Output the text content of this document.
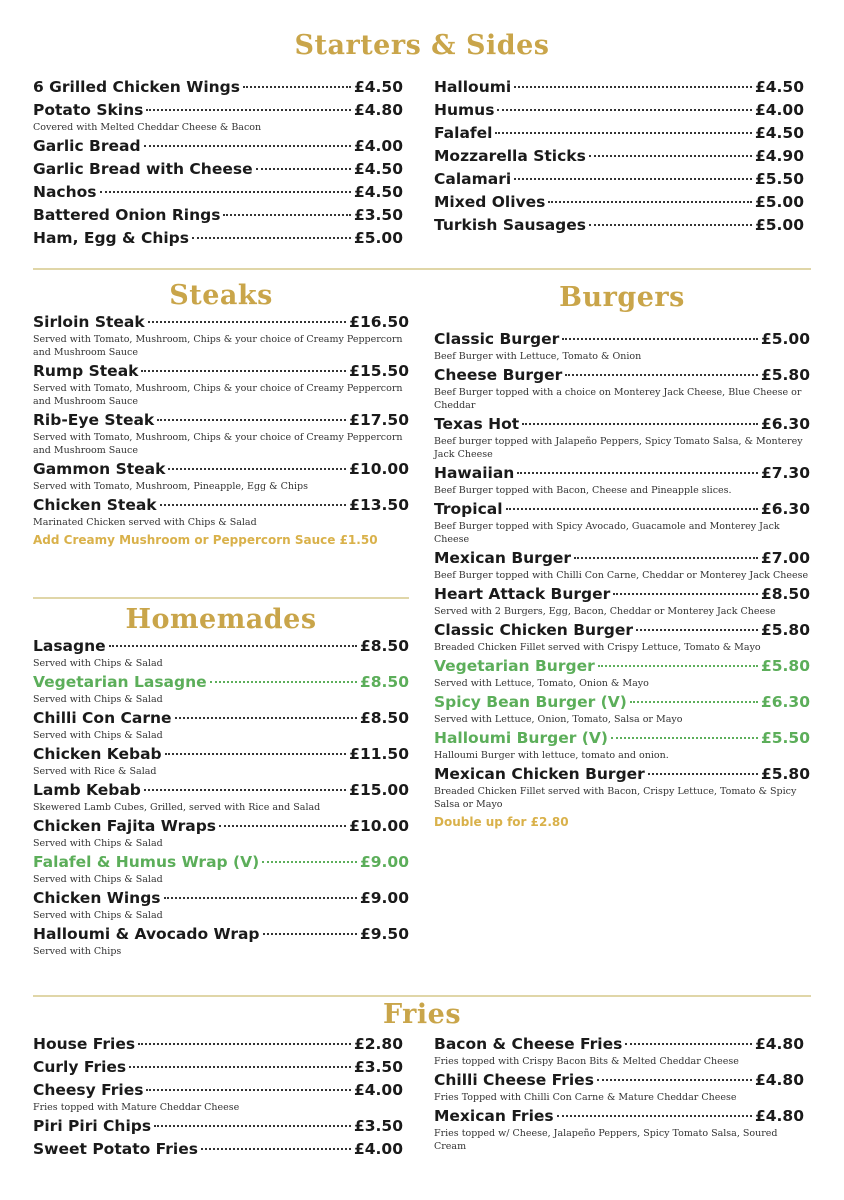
Starters & Sides
6 Grilled Chicken Wings	£4.50
Potato Skins	£4.80
Covered with Melted Cheddar Cheese & Bacon
Garlic Bread	£4.00
Garlic Bread with Cheese	£4.50
Nachos	£4.50
Battered Onion Rings	£3.50
Ham, Egg & Chips	£5.00
Halloumi	£4.50
Humus	£4.00
Falafel	£4.50
Mozzarella Sticks	£4.90
Calamari	£5.50
Mixed Olives	£5.00
Turkish Sausages	£5.00
Steaks
Sirloin Steak	£16.50
Served with Tomato, Mushroom, Chips & your choice of Creamy Peppercorn and Mushroom Sauce
Rump Steak	£15.50
Served with Tomato, Mushroom, Chips & your choice of Creamy Peppercorn and Mushroom Sauce
Rib-Eye Steak	£17.50
Served with Tomato, Mushroom, Chips & your choice of Creamy Peppercorn and Mushroom Sauce
Gammon Steak	£10.00
Served with Tomato, Mushroom, Pineapple, Egg & Chips
Chicken Steak	£13.50
Marinated Chicken served with Chips & Salad
Add Creamy Mushroom or Peppercorn Sauce £1.50
Homemades
Lasagne	£8.50
Served with Chips & Salad
Vegetarian Lasagne	£8.50
Served with Chips & Salad
Chilli Con Carne	£8.50
Served with Chips & Salad
Chicken Kebab	£11.50
Served with Rice & Salad
Lamb Kebab	£15.00
Skewered Lamb Cubes, Grilled, served with Rice and Salad
Chicken Fajita Wraps	£10.00
Served with Chips & Salad
Falafel & Humus Wrap (V)	£9.00
Served with Chips & Salad
Chicken Wings	£9.00
Served with Chips & Salad
Halloumi & Avocado Wrap	£9.50
Served with Chips
Burgers
Classic Burger	£5.00
Beef Burger with Lettuce, Tomato & Onion
Cheese Burger	£5.80
Beef Burger topped with a choice on Monterey Jack Cheese, Blue Cheese or Cheddar
Texas Hot	£6.30
Beef burger topped with Jalapeño Peppers, Spicy Tomato Salsa, & Monterey Jack Cheese
Hawaiian	£7.30
Beef Burger topped with Bacon, Cheese and Pineapple slices.
Tropical	£6.30
Beef Burger topped with Spicy Avocado, Guacamole and Monterey Jack Cheese
Mexican Burger	£7.00
Beef Burger topped with Chilli Con Carne, Cheddar or Monterey Jack Cheese
Heart Attack Burger	£8.50
Served with 2 Burgers, Egg, Bacon, Cheddar or Monterey Jack Cheese
Classic Chicken Burger	£5.80
Breaded Chicken Fillet served with Crispy Lettuce, Tomato & Mayo
Vegetarian Burger	£5.80
Served with Lettuce, Tomato, Onion & Mayo
Spicy Bean Burger (V)	£6.30
Served with Lettuce, Onion, Tomato, Salsa or Mayo
Halloumi Burger (V)	£5.50
Halloumi Burger with lettuce, tomato and onion.
Mexican Chicken Burger	£5.80
Breaded Chicken Fillet served with Bacon, Crispy Lettuce, Tomato & Spicy Salsa or Mayo
Double up for £2.80
Fries
House Fries	£2.80
Curly Fries	£3.50
Cheesy Fries	£4.00
Fries topped with Mature Cheddar Cheese
Piri Piri Chips	£3.50
Sweet Potato Fries	£4.00
Bacon & Cheese Fries	£4.80
Fries topped with Crispy Bacon Bits & Melted Cheddar Cheese
Chilli Cheese Fries	£4.80
Fries Topped with Chilli Con Carne & Mature Cheddar Cheese
Mexican Fries	£4.80
Fries topped w/ Cheese, Jalapeño Peppers, Spicy Tomato Salsa, Soured Cream
